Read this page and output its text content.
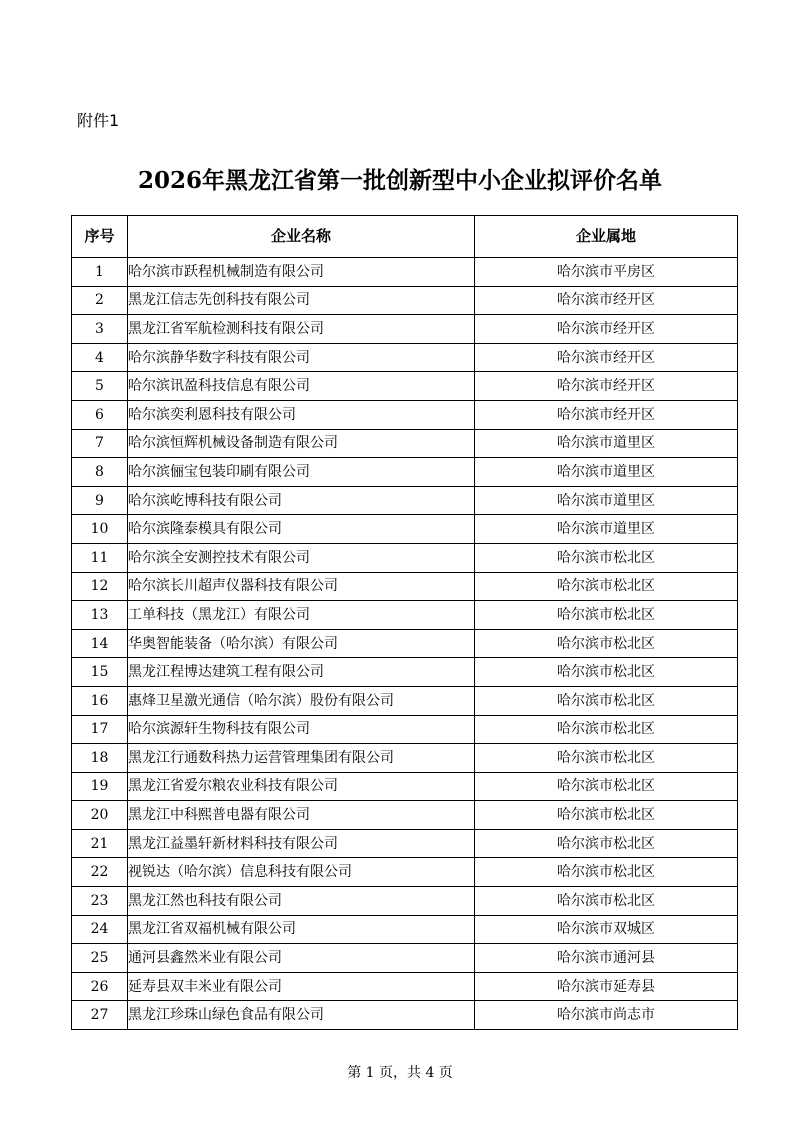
附件1
2026年黑龙江省第一批创新型中小企业拟评价名单
序号	企业名称	企业属地
1	哈尔滨市跃程机械制造有限公司	哈尔滨市平房区
2	黑龙江信志先创科技有限公司	哈尔滨市经开区
3	黑龙江省军航检测科技有限公司	哈尔滨市经开区
4	哈尔滨静华数字科技有限公司	哈尔滨市经开区
5	哈尔滨讯盈科技信息有限公司	哈尔滨市经开区
6	哈尔滨奕利恩科技有限公司	哈尔滨市经开区
7	哈尔滨恒辉机械设备制造有限公司	哈尔滨市道里区
8	哈尔滨俪宝包装印刷有限公司	哈尔滨市道里区
9	哈尔滨屹博科技有限公司	哈尔滨市道里区
10	哈尔滨隆泰模具有限公司	哈尔滨市道里区
11	哈尔滨全安测控技术有限公司	哈尔滨市松北区
12	哈尔滨长川超声仪器科技有限公司	哈尔滨市松北区
13	工单科技（黑龙江）有限公司	哈尔滨市松北区
14	华奥智能装备（哈尔滨）有限公司	哈尔滨市松北区
15	黑龙江程博达建筑工程有限公司	哈尔滨市松北区
16	惠烽卫星激光通信（哈尔滨）股份有限公司	哈尔滨市松北区
17	哈尔滨源轩生物科技有限公司	哈尔滨市松北区
18	黑龙江行通数科热力运营管理集团有限公司	哈尔滨市松北区
19	黑龙江省爱尔粮农业科技有限公司	哈尔滨市松北区
20	黑龙江中科熙普电器有限公司	哈尔滨市松北区
21	黑龙江益墨轩新材料科技有限公司	哈尔滨市松北区
22	视锐达（哈尔滨）信息科技有限公司	哈尔滨市松北区
23	黑龙江然也科技有限公司	哈尔滨市松北区
24	黑龙江省双福机械有限公司	哈尔滨市双城区
25	通河县鑫然米业有限公司	哈尔滨市通河县
26	延寿县双丰米业有限公司	哈尔滨市延寿县
27	黑龙江珍珠山绿色食品有限公司	哈尔滨市尚志市
第 1 页，共 4 页
